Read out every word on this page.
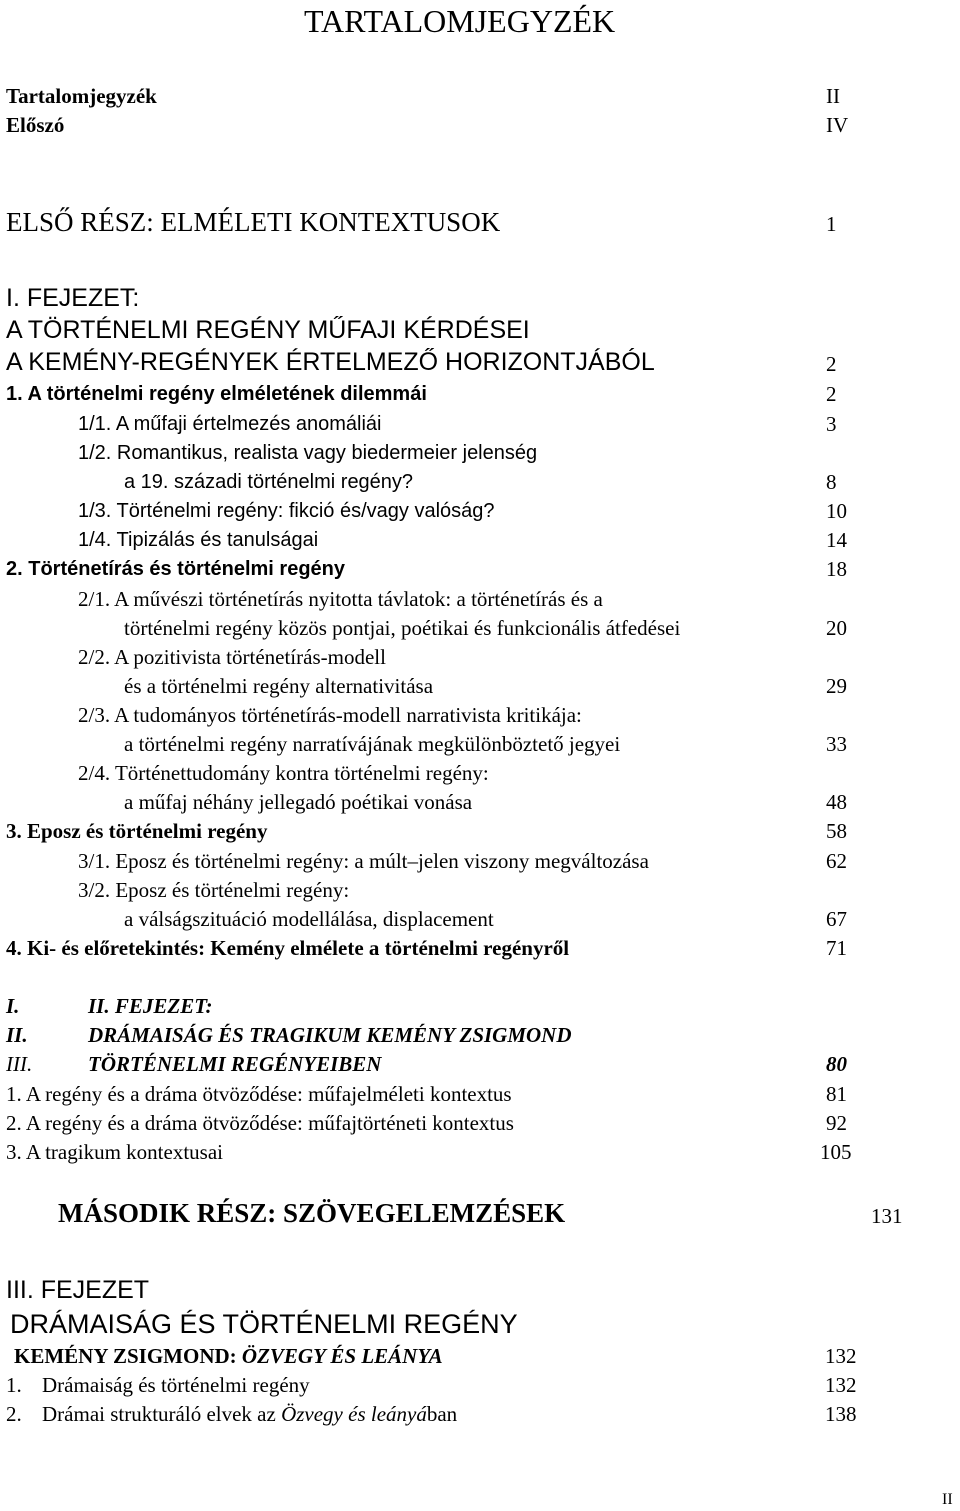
TARTALOMJEGYZÉK
Tartalomjegyzék	II
Előszó	IV
ELSŐ RÉSZ: ELMÉLETI KONTEXTUSOK	1
I. FEJEZET:
A TÖRTÉNELMI REGÉNY MŰFAJI KÉRDÉSEI
A KEMÉNY-REGÉNYEK ÉRTELMEZŐ HORIZONTJÁBÓL	2
1. A történelmi regény elméletének dilemmái	2
1/1. A műfaji értelmezés anomáliái	3
1/2. Romantikus, realista vagy biedermeier jelenség
a 19. századi történelmi regény?	8
1/3. Történelmi regény: fikció és/vagy valóság?	10
1/4. Tipizálás és tanulságai	14
2. Történetírás és történelmi regény	18
2/1. A művészi történetírás nyitotta távlatok: a történetírás és a
történelmi regény közös pontjai, poétikai és funkcionális átfedései	20
2/2. A pozitivista történetírás-modell
és a történelmi regény alternativitása	29
2/3. A tudományos történetírás-modell narrativista kritikája:
a történelmi regény narratívájának megkülönböztető jegyei	33
2/4. Történettudomány kontra történelmi regény:
a műfaj néhány jellegadó poétikai vonása	48
3. Eposz és történelmi regény	58
3/1. Eposz és történelmi regény: a múlt–jelen viszony megváltozása	62
3/2. Eposz és történelmi regény:
a válságszituáció modellálása, displacement	67
4. Ki- és előretekintés: Kemény elmélete a történelmi regényről	71
I.	II. FEJEZET:
II.	DRÁMAISÁG ÉS TRAGIKUM KEMÉNY ZSIGMOND
III.	TÖRTÉNELMI REGÉNYEIBEN	80
1. A regény és a dráma ötvöződése: műfajelméleti kontextus	81
2. A regény és a dráma ötvöződése: műfajtörténeti kontextus	92
3. A tragikum kontextusai	105
MÁSODIK RÉSZ: SZÖVEGELEMZÉSEK	131
III. FEJEZET
DRÁMAISÁG ÉS TÖRTÉNELMI REGÉNY
KEMÉNY ZSIGMOND: ÖZVEGY ÉS LEÁNYA	132
1. Drámaiság és történelmi regény	132
2. Drámai strukturáló elvek az Özvegy és leányában	138
II
